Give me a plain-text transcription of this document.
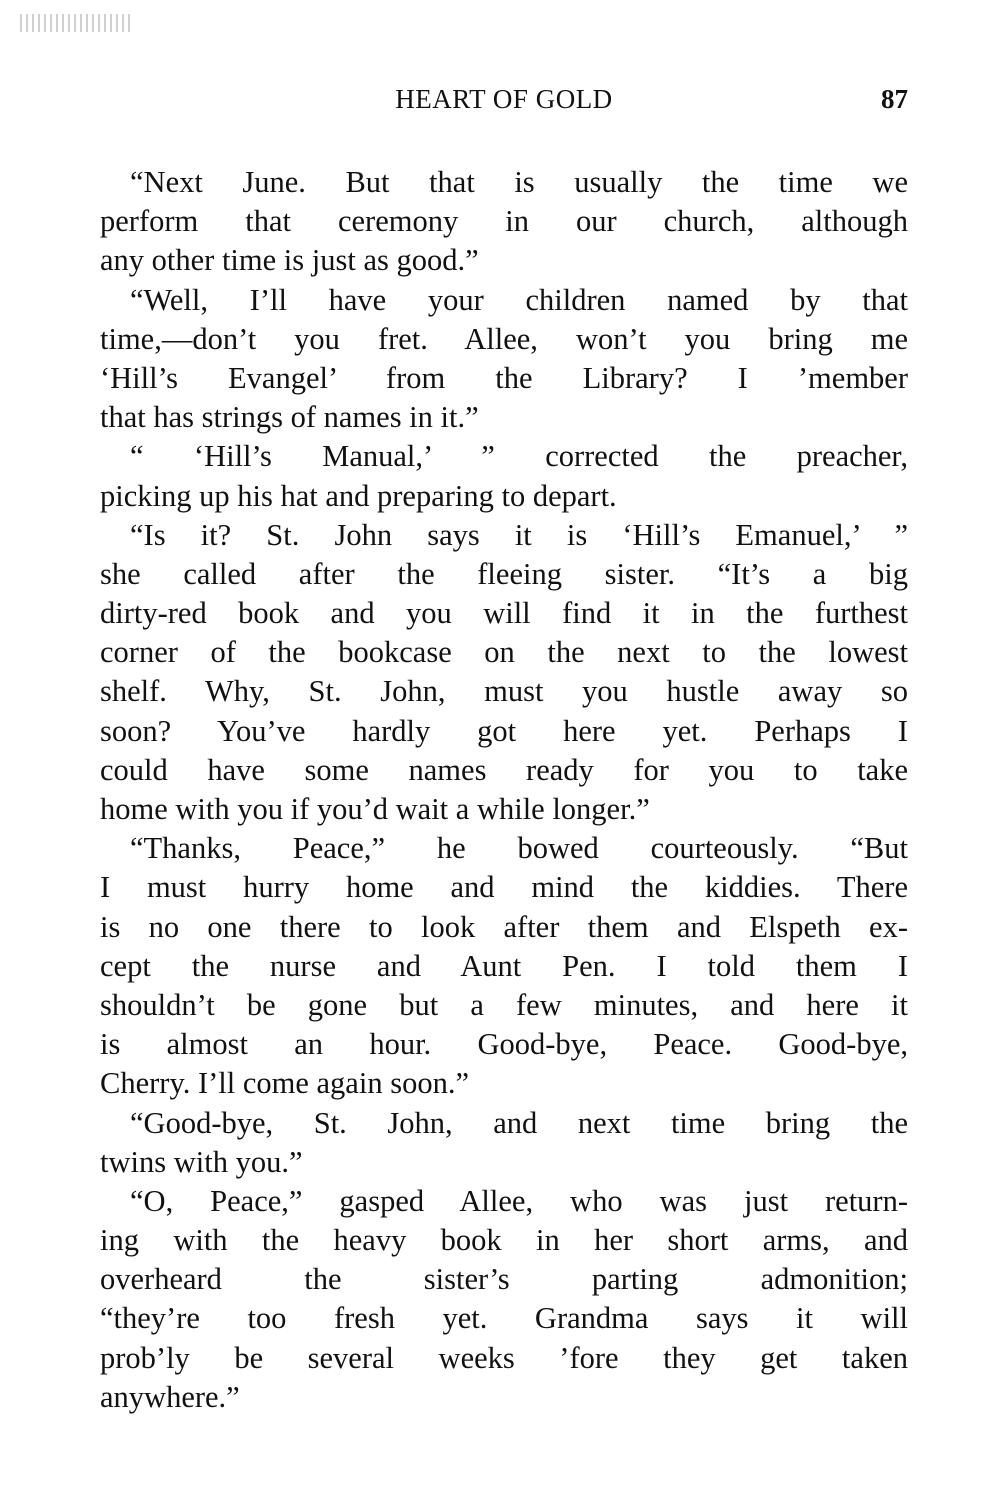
HEART OF GOLD	87
“Next June. But that is usually the time we
perform that ceremony in our church, although
any other time is just as good.”
“Well, I’ll have your children named by that
time,—don’t you fret. Allee, won’t you bring me
‘Hill’s Evangel’ from the Library? I ’member
that has strings of names in it.”
“ ‘Hill’s Manual,’ ” corrected the preacher,
picking up his hat and preparing to depart.
“Is it? St. John says it is ‘Hill’s Emanuel,’ ”
she called after the fleeing sister. “It’s a big
dirty-red book and you will find it in the furthest
corner of the bookcase on the next to the lowest
shelf. Why, St. John, must you hustle away so
soon? You’ve hardly got here yet. Perhaps I
could have some names ready for you to take
home with you if you’d wait a while longer.”
“Thanks, Peace,” he bowed courteously. “But
I must hurry home and mind the kiddies. There
is no one there to look after them and Elspeth ex-
cept the nurse and Aunt Pen. I told them I
shouldn’t be gone but a few minutes, and here it
is almost an hour. Good-bye, Peace. Good-bye,
Cherry. I’ll come again soon.”
“Good-bye, St. John, and next time bring the
twins with you.”
“O, Peace,” gasped Allee, who was just return-
ing with the heavy book in her short arms, and
overheard the sister’s parting admonition;
“they’re too fresh yet. Grandma says it will
prob’ly be several weeks ’fore they get taken
anywhere.”
